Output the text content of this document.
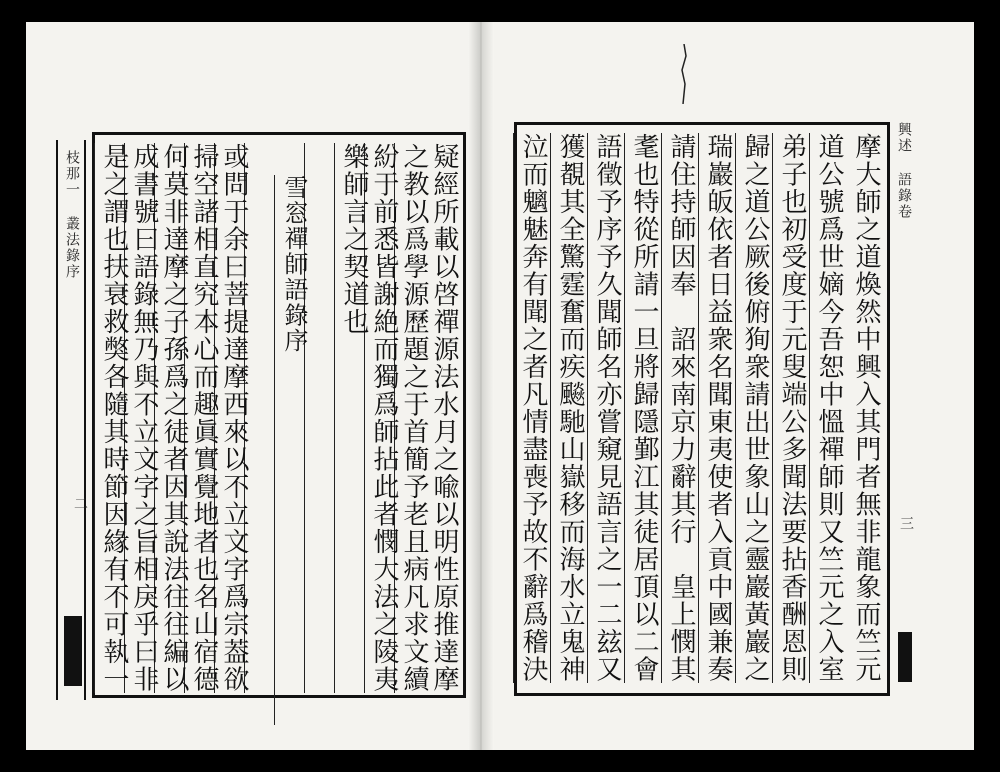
枝那一 叢法錄序
二	疑經所載以啓禪源法水月之喩以明性原推達摩
之教以爲學源歷題之于首簡予老且病凡求文續
紛于前悉皆謝絶而獨爲師拈此者憫大法之陵夷
樂師言之契道也
雪窓禪師語錄序
或問于余曰菩提達摩西來以不立文字爲宗葢欲
掃空諸相直究本心而趣眞實覺地者也名山宿德
何莫非達摩之子孫爲之徒者因其說法往往編以
成書號曰語錄無乃與不立文字之旨相戾乎曰非
是之謂也扶衰救獘各隨其時節因緣有不可執一	摩大師之道煥然中興入其門者無非龍象而竺元
道公號爲世嫡今吾恕中慍禪師則又竺元之入室
弟子也初受度于元叟端公多聞法要拈香酬恩則
歸之道公厥後俯狥衆請出世象山之靈巖黃巖之
瑞巖皈依者日益衆名聞東夷使者入貢中國兼奏
請住持師因奉　詔來南京力辭其行　皇上憫其
耄也特從所請一旦將歸隱鄞江其徒居頂以二會
語徵予序予久聞師名亦嘗窺見語言之一二玆又
獲覩其全驚霆奮而疾飈馳山嶽移而海水立鬼神
泣而魑魅奔有聞之者凡情盡喪予故不辭爲稽決	興述 語錄卷
三
